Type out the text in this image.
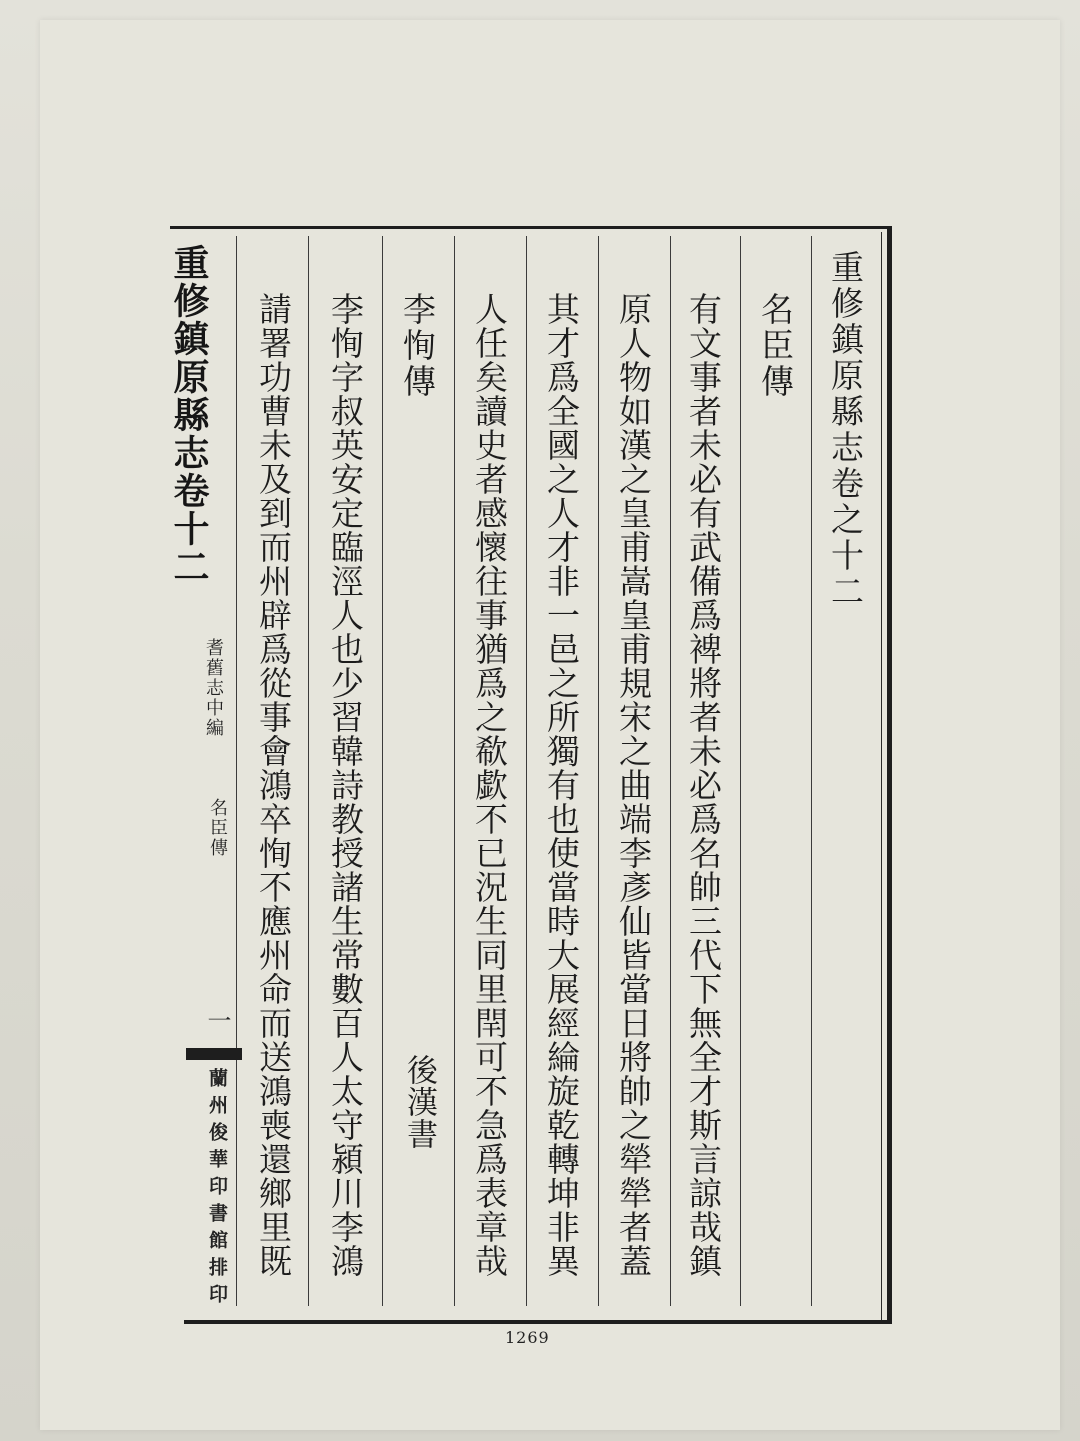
重修鎮原縣志卷之十二
名臣傳
有文事者未必有武備爲裨將者未必爲名帥三代下無全才斯言諒哉鎮
原人物如漢之皇甫嵩皇甫規宋之曲端李彥仙皆當日將帥之犖犖者蓋
其才爲全國之人才非一邑之所獨有也使當時大展經綸旋乾轉坤非異
人任矣讀史者感懷往事猶爲之欷歔不已況生同里閈可不急爲表章哉
李恂傳
後漢書
李恂字叔英安定臨涇人也少習韓詩教授諸生常數百人太守潁川李鴻
請署功曹未及到而州辟爲從事會鴻卒恂不應州命而送鴻喪還鄉里既
重修鎮原縣志卷十二
耆舊志中編
名臣傳
一
蘭州俊華印書館排印
1269
